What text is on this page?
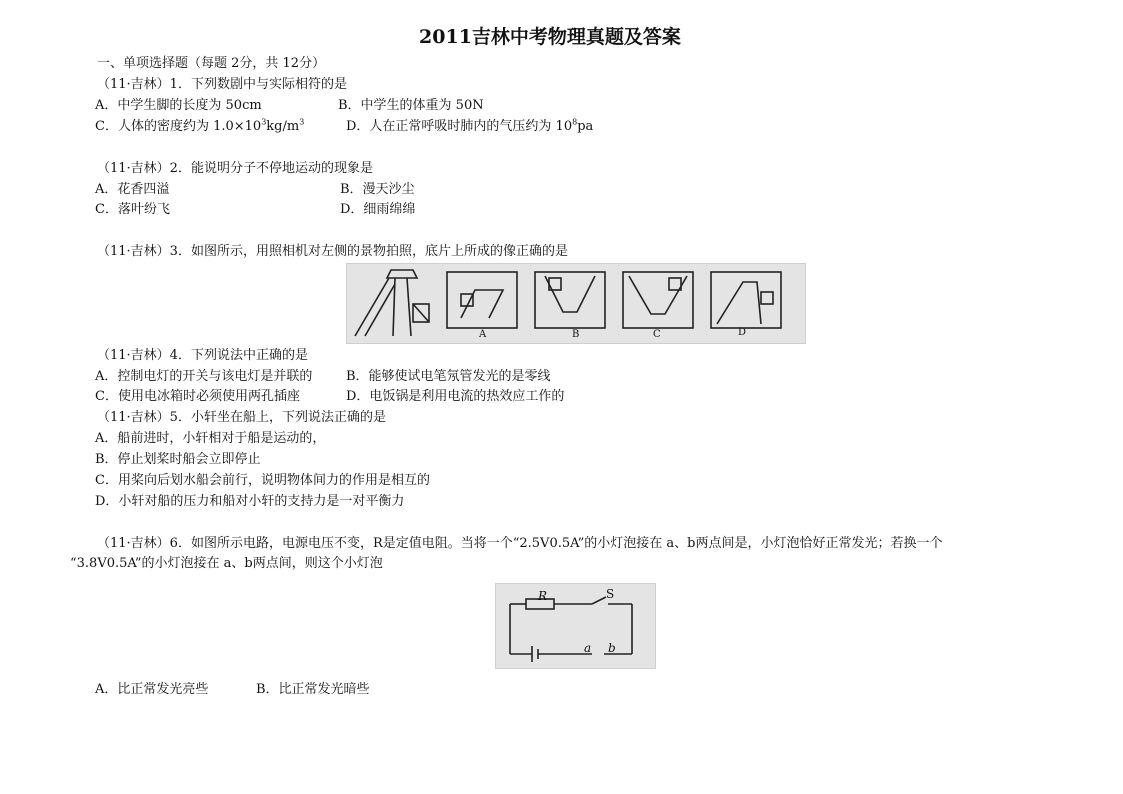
2011吉林中考物理真题及答案
一、单项选择题（每题 2分，共 12分）
（11·吉林）1．下列数剧中与实际相符的是
A．中学生脚的长度为 50cm	B．中学生的体重为 50N
C．人体的密度约为 $1.0\times 10^3kg/m^3$	D．人在正常呼吸时肺内的气压约为 $10^8pa$
（11·吉林）2．能说明分子不停地运动的现象是
A．花香四溢	B．漫天沙尘
C．落叶纷飞	D．细雨绵绵
（11·吉林）3．如图所示，用照相机对左侧的景物拍照，底片上所成的像正确的是
A	B	C	D
（11·吉林）4．下列说法中正确的是
A．控制电灯的开关与该电灯是并联的	B．能够使试电笔氖管发光的是零线
C．使用电冰箱时必须使用两孔插座	D．电饭锅是利用电流的热效应工作的
（11·吉林）5．小轩坐在船上，下列说法正确的是
A．船前进时，小轩相对于船是运动的，
B．停止划桨时船会立即停止
C．用桨向后划水船会前行，说明物体间力的作用是相互的
D．小轩对船的压力和船对小轩的支持力是一对平衡力
（11·吉林）6．如图所示电路，电源电压不变，R是定值电阻。当将一个“2.5V0.5A”的小灯泡接在 a、b两点间是，小灯泡恰好正常发光；若换一个
“3.8V0.5A”的小灯泡接在 a、b两点间，则这个小灯泡
R	S
a b
A．比正常发光亮些	B．比正常发光暗些
